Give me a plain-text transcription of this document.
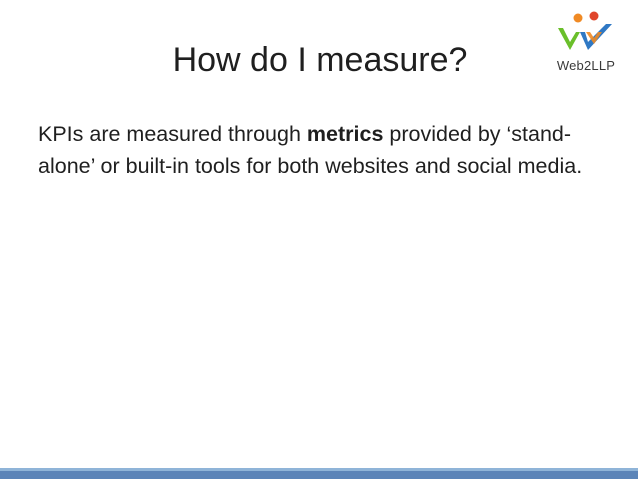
How do I measure?	Web2LLP
KPIs are measured through metrics provided by ‘stand-alone’ or built-in tools for both websites and social media.
